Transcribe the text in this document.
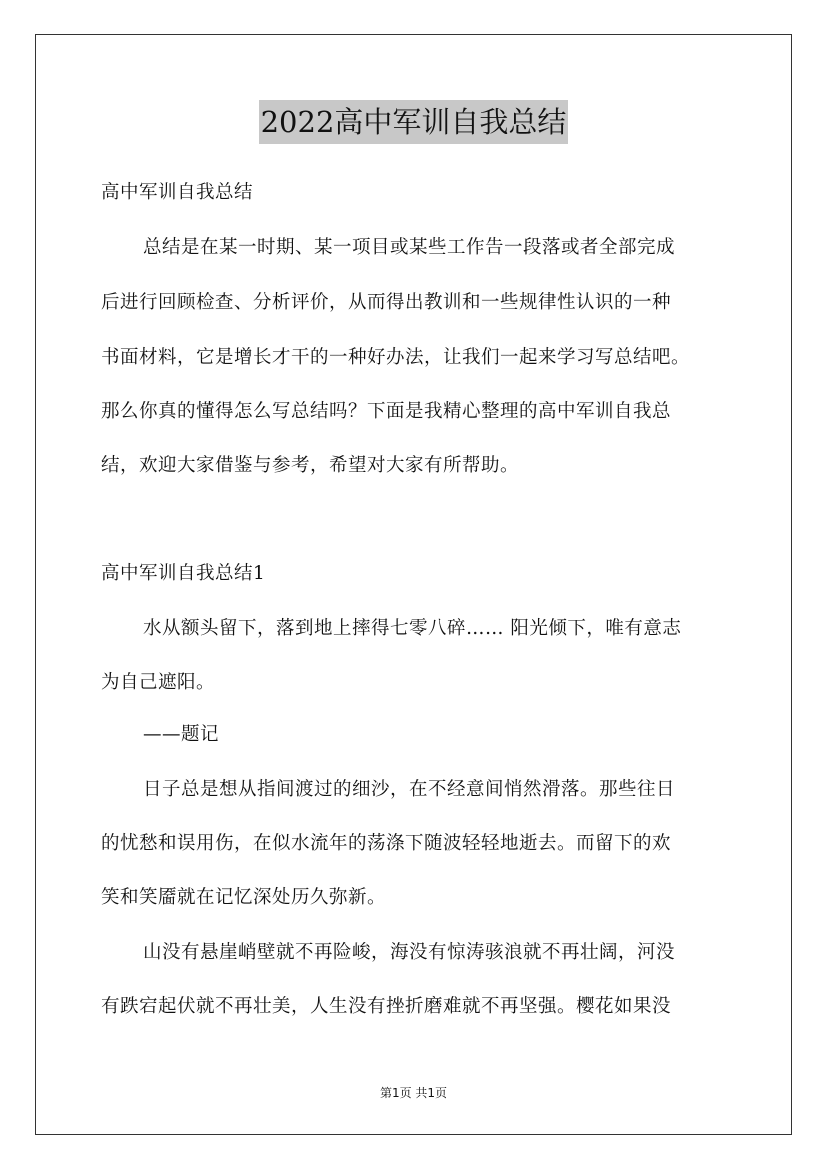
2022高中军训自我总结
高中军训自我总结
总结是在某一时期、某一项目或某些工作告一段落或者全部完成
后进行回顾检查、分析评价，从而得出教训和一些规律性认识的一种
书面材料，它是增长才干的一种好办法，让我们一起来学习写总结吧。
那么你真的懂得怎么写总结吗？下面是我精心整理的高中军训自我总
结，欢迎大家借鉴与参考，希望对大家有所帮助。
高中军训自我总结1
水从额头留下，落到地上摔得七零八碎…… 阳光倾下，唯有意志
为自己遮阳。
——题记
日子总是想从指间渡过的细沙，在不经意间悄然滑落。那些往日
的忧愁和误用伤，在似水流年的荡涤下随波轻轻地逝去。而留下的欢
笑和笑靥就在记忆深处历久弥新。
山没有悬崖峭壁就不再险峻，海没有惊涛骇浪就不再壮阔，河没
有跌宕起伏就不再壮美，人生没有挫折磨难就不再坚强。樱花如果没
第1页 共1页
